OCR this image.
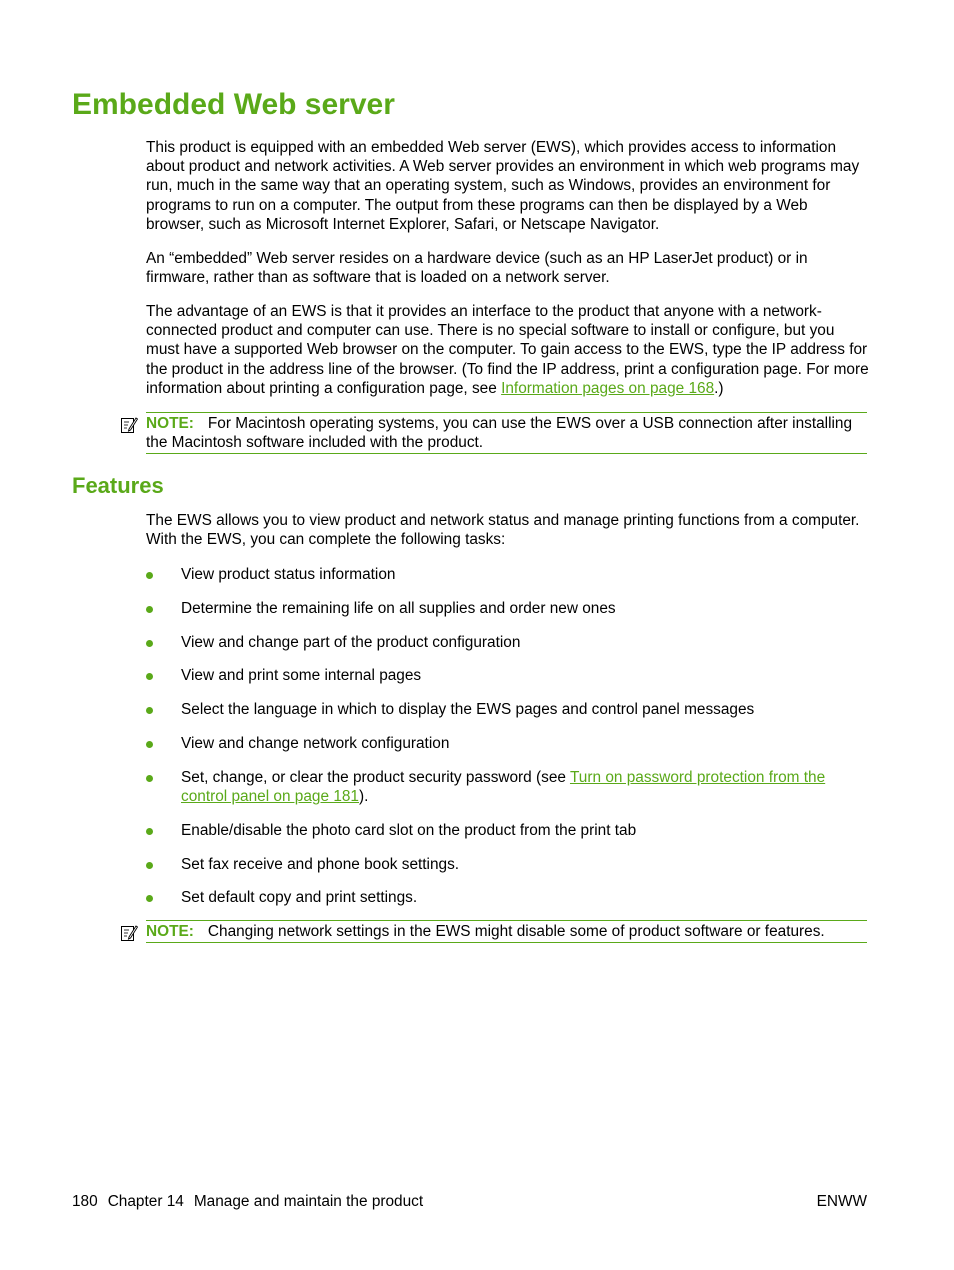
Embedded Web server

This product is equipped with an embedded Web server (EWS), which provides access to information about product and network activities. A Web server provides an environment in which web programs may run, much in the same way that an operating system, such as Windows, provides an environment for programs to run on a computer. The output from these programs can then be displayed by a Web browser, such as Microsoft Internet Explorer, Safari, or Netscape Navigator.

An “embedded” Web server resides on a hardware device (such as an HP LaserJet product) or in firmware, rather than as software that is loaded on a network server.

The advantage of an EWS is that it provides an interface to the product that anyone with a network-connected product and computer can use. There is no special software to install or configure, but you must have a supported Web browser on the computer. To gain access to the EWS, type the IP address for the product in the address line of the browser. (To find the IP address, print a configuration page. For more information about printing a configuration page, see Information pages on page 168.)

NOTE: For Macintosh operating systems, you can use the EWS over a USB connection after installing the Macintosh software included with the product.
Features

The EWS allows you to view product and network status and manage printing functions from a computer. With the EWS, you can complete the following tasks:

View product status information
Determine the remaining life on all supplies and order new ones
View and change part of the product configuration
View and print some internal pages
Select the language in which to display the EWS pages and control panel messages
View and change network configuration
Set, change, or clear the product security password (see Turn on password protection from the control panel on page 181).
Enable/disable the photo card slot on the product from the print tab
Set fax receive and phone book settings.
Set default copy and print settings.
NOTE: Changing network settings in the EWS might disable some of product software or features.
180 Chapter 14 Manage and maintain the product	ENWW
